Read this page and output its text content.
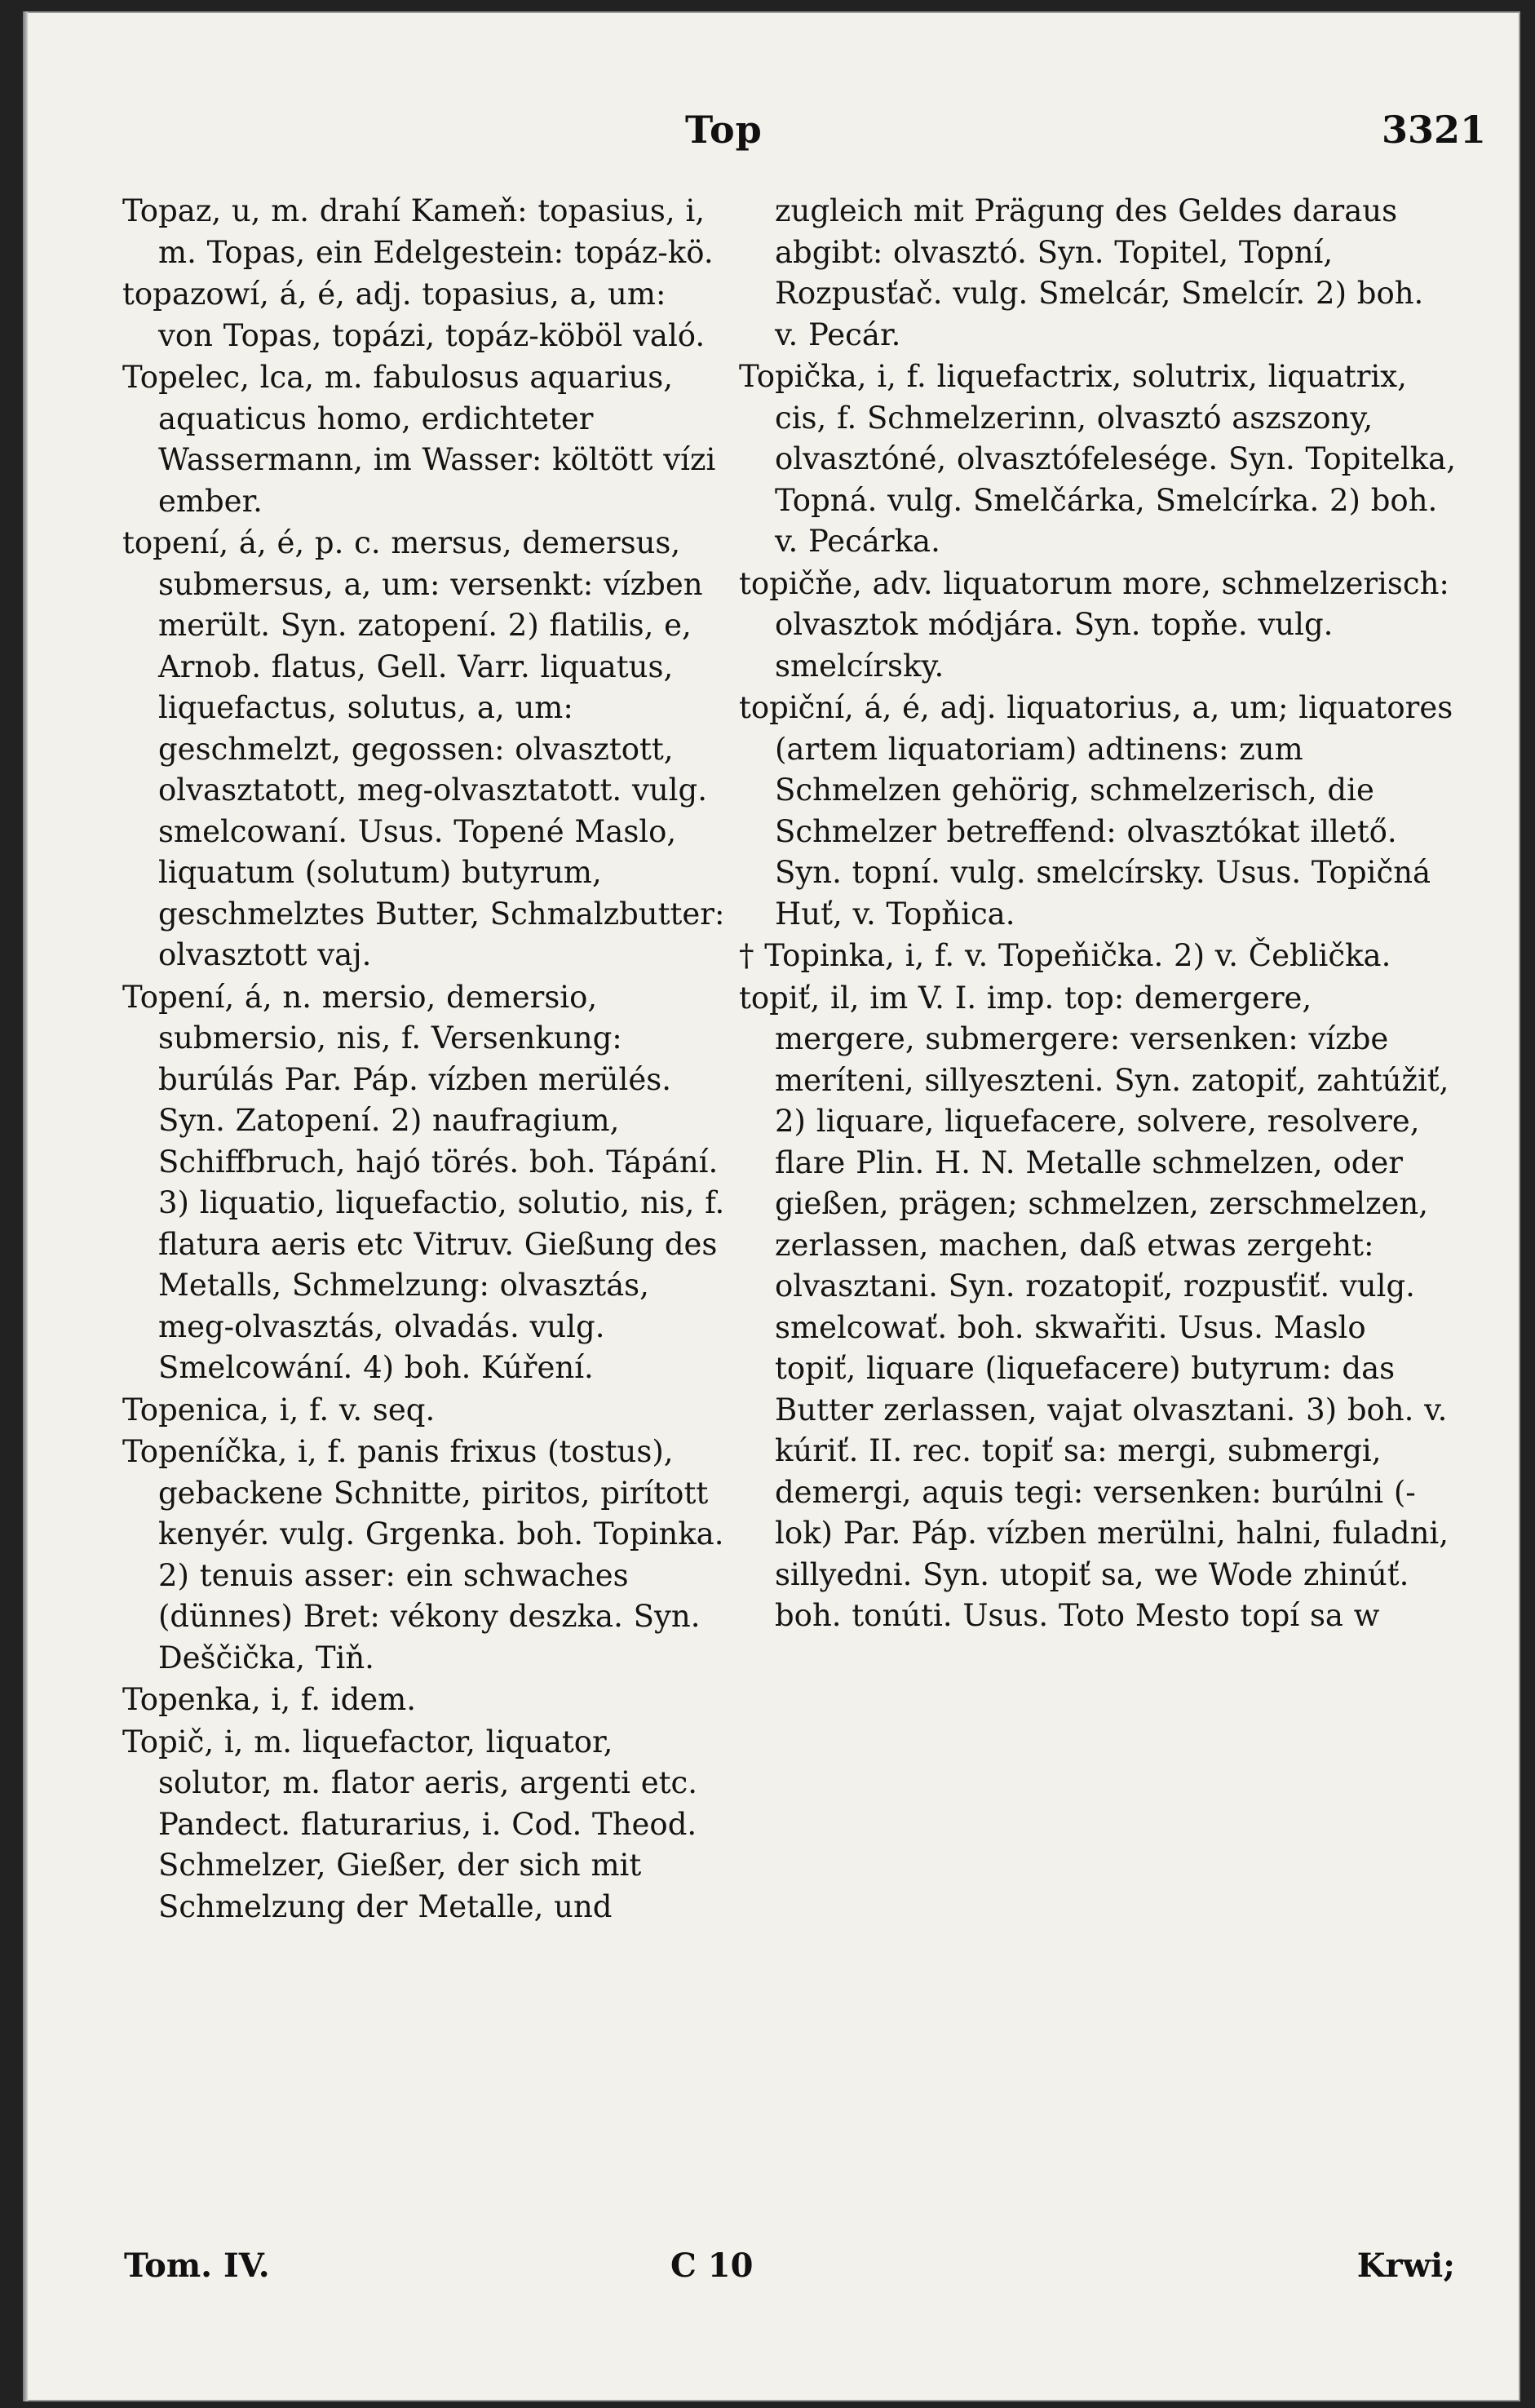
Top	3321

Topaz, u, m. drahí Kameň: topasius, i, m. Topas, ein Edelgestein: topáz-kö.

topazowí, á, é, adj. topasius, a, um: von Topas, topázi, topáz-köböl való.

Topelec, lca, m. fabulosus aquarius, aquaticus homo, erdichteter Wassermann, im Wasser: költött vízi ember.

topení, á, é, p. c. mersus, demersus, submersus, a, um: versenkt: vízben merült. Syn. zatopení. 2) flatilis, e, Arnob. flatus, Gell. Varr. liquatus, liquefactus, solutus, a, um: geschmelzt, gegossen: olvasztott, olvasztatott, meg-olvasztatott. vulg. smelcowaní. Usus. Topené Maslo, liquatum (solutum) butyrum, geschmelztes Butter, Schmalzbutter: olvasztott vaj.

Topení, á, n. mersio, demersio, submersio, nis, f. Versenkung: burúlás Par. Páp. vízben merülés. Syn. Zatopení. 2) naufragium, Schiffbruch, hajó törés. boh. Tápání. 3) liquatio, liquefactio, solutio, nis, f. flatura aeris etc Vitruv. Gießung des Metalls, Schmelzung: olvasztás, meg-olvasztás, olvadás. vulg. Smelcowání. 4) boh. Kúření.

Topenica, i, f. v. seq.

Topeníčka, i, f. panis frixus (tostus), gebackene Schnitte, piritos, pirított kenyér. vulg. Grgenka. boh. Topinka. 2) tenuis asser: ein schwaches (dünnes) Bret: vékony deszka. Syn. Deščička, Tiň.

Topenka, i, f. idem.

Topič, i, m. liquefactor, liquator, solutor, m. flator aeris, argenti etc. Pandect. flaturarius, i. Cod. Theod. Schmelzer, Gießer, der sich mit Schmelzung der Metalle, und

zugleich mit Prägung des Geldes daraus abgibt: olvasztó. Syn. Topitel, Topní, Rozpusťač. vulg. Smelcár, Smelcír. 2) boh. v. Pecár.

Topička, i, f. liquefactrix, solutrix, liquatrix, cis, f. Schmelzerinn, olvasztó aszszony, olvasztóné, olvasztófelesége. Syn. Topitelka, Topná. vulg. Smelčárka, Smelcírka. 2) boh. v. Pecárka.

topičňe, adv. liquatorum more, schmelzerisch: olvasztok módjára. Syn. topňe. vulg. smelcírsky.

topiční, á, é, adj. liquatorius, a, um; liquatores (artem liquatoriam) adtinens: zum Schmelzen gehörig, schmelzerisch, die Schmelzer betreffend: olvasztókat illető. Syn. topní. vulg. smelcírsky. Usus. Topičná Huť, v. Topňica.

† Topinka, i, f. v. Topeňička. 2) v. Čeblička.

topiť, il, im V. I. imp. top: demergere, mergere, submergere: versenken: vízbe meríteni, sillyeszteni. Syn. zatopiť, zahtúžiť, 2) liquare, liquefacere, solvere, resolvere, flare Plin. H. N. Metalle schmelzen, oder gießen, prägen; schmelzen, zerschmelzen, zerlassen, machen, daß etwas zergeht: olvasztani. Syn. rozatopiť, rozpusťiť. vulg. smelcowať. boh. skwařiti. Usus. Maslo topiť, liquare (liquefacere) butyrum: das Butter zerlassen, vajat olvasztani. 3) boh. v. kúriť. II. rec. topiť sa: mergi, submergi, demergi, aquis tegi: versenken: burúlni (-lok) Par. Páp. vízben merülni, halni, fuladni, sillyedni. Syn. utopiť sa, we Wode zhinúť. boh. tonúti. Usus. Toto Mesto topí sa w

Tom. IV.	C 10	Krwi;
